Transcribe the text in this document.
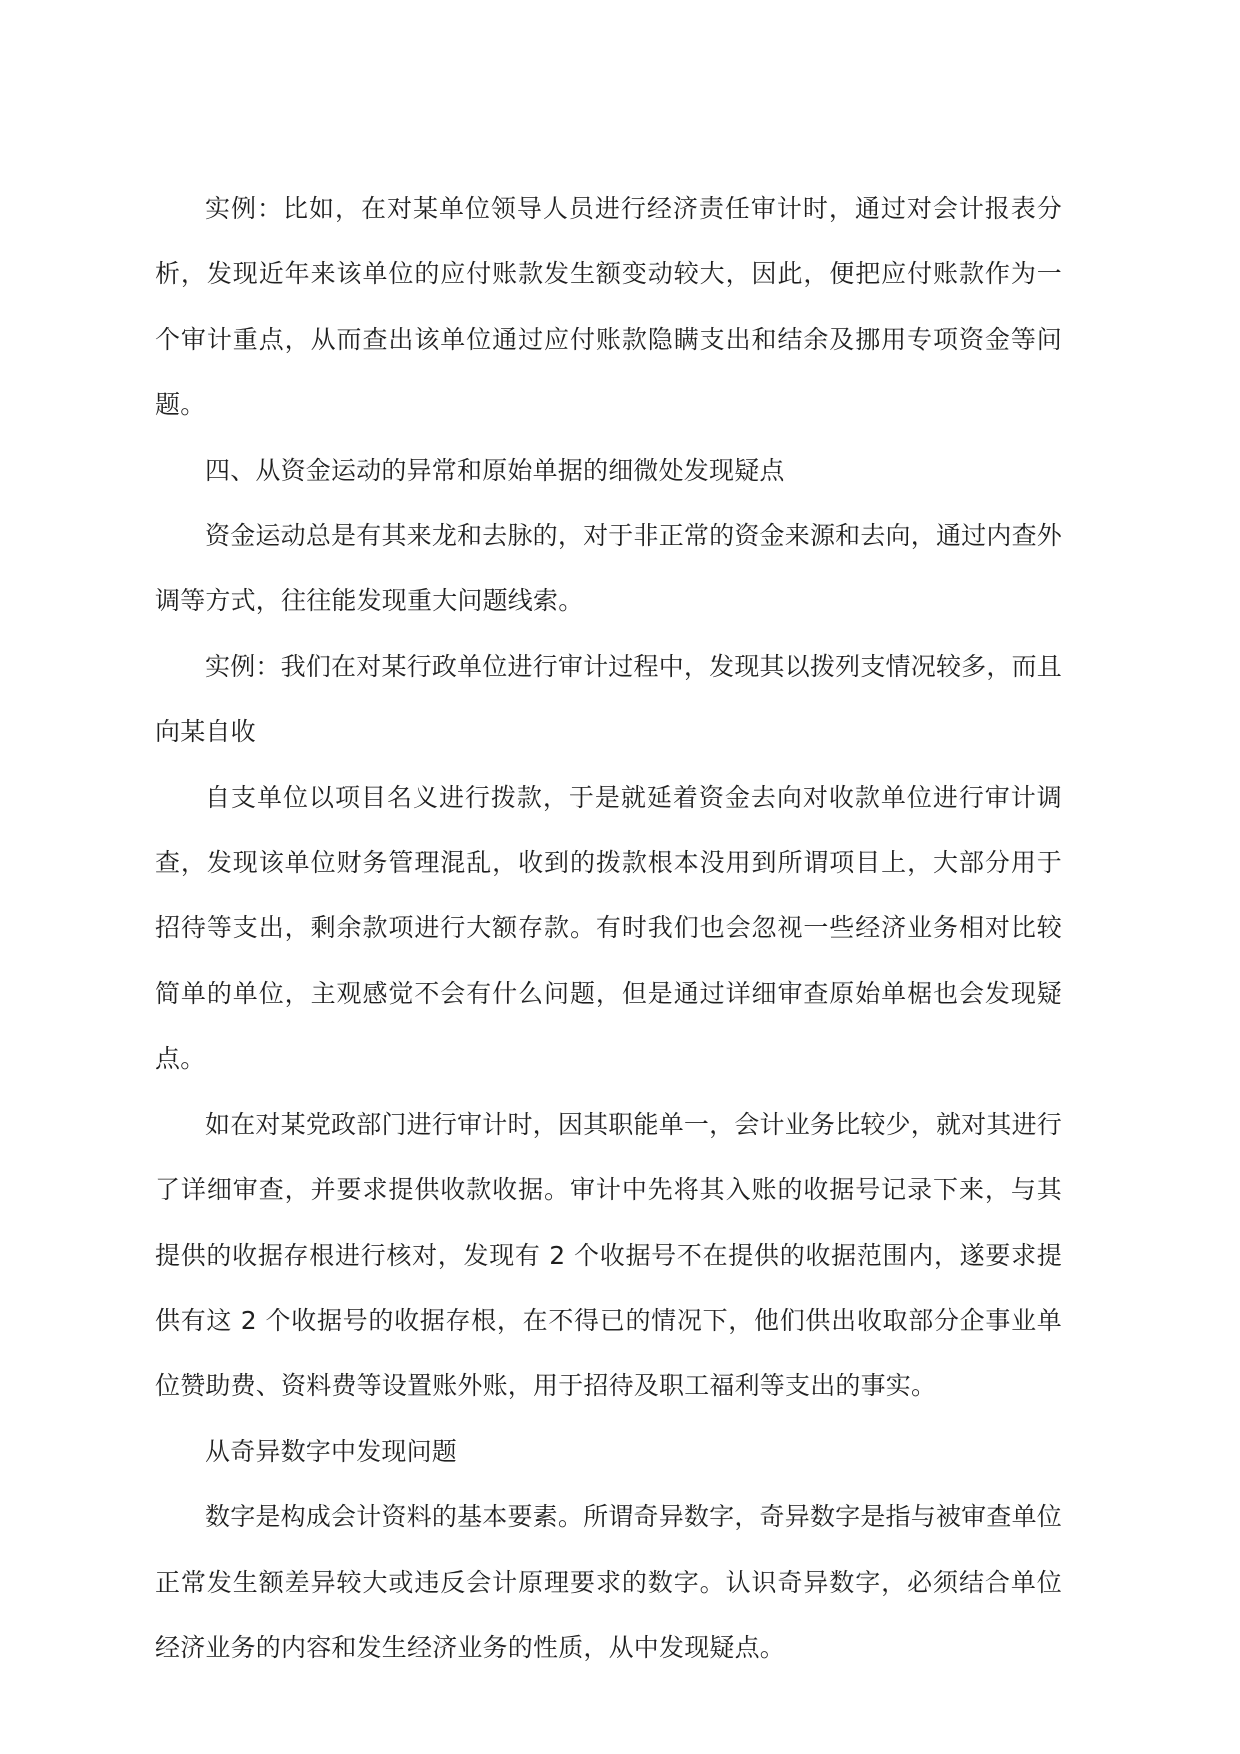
实例：比如，在对某单位领导人员进行经济责任审计时，通过对会计报表分析，发现近年来该单位的应付账款发生额变动较大，因此，便把应付账款作为一个审计重点，从而查出该单位通过应付账款隐瞒支出和结余及挪用专项资金等问题。

四、从资金运动的异常和原始单据的细微处发现疑点

资金运动总是有其来龙和去脉的，对于非正常的资金来源和去向，通过内查外调等方式，往往能发现重大问题线索。

实例：我们在对某行政单位进行审计过程中，发现其以拨列支情况较多，而且向某自收

自支单位以项目名义进行拨款，于是就延着资金去向对收款单位进行审计调查，发现该单位财务管理混乱，收到的拨款根本没用到所谓项目上，大部分用于招待等支出，剩余款项进行大额存款。有时我们也会忽视一些经济业务相对比较简单的单位，主观感觉不会有什么问题，但是通过详细审查原始单椐也会发现疑点。

如在对某党政部门进行审计时，因其职能单一，会计业务比较少，就对其进行了详细审查，并要求提供收款收据。审计中先将其入账的收据号记录下来，与其提供的收据存根进行核对，发现有 2 个收据号不在提供的收据范围内，遂要求提供有这 2 个收据号的收据存根，在不得已的情况下，他们供出收取部分企事业单位赞助费、资料费等设置账外账，用于招待及职工福利等支出的事实。

从奇异数字中发现问题

数字是构成会计资料的基本要素。所谓奇异数字，奇异数字是指与被审查单位正常发生额差异较大或违反会计原理要求的数字。认识奇异数字，必须结合单位经济业务的内容和发生经济业务的性质，从中发现疑点。
